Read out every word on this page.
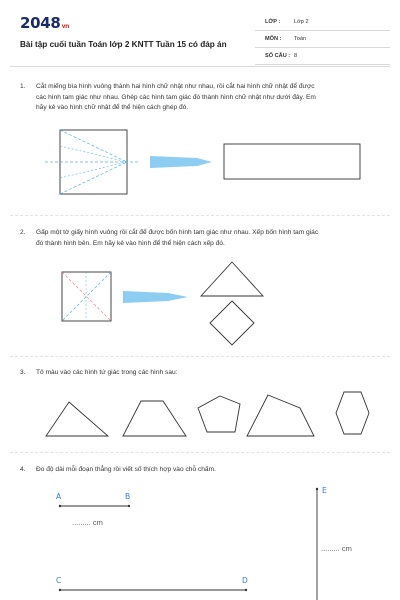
2048vn
Bài tập cuối tuần Toán lớp 2 KNTT Tuần 15 có đáp án
LỚP : Lớp 2
MÔN : Toán
SỐ CÂU : 8
1. Cắt miếng bìa hình vuông thành hai hình chữ nhật như nhau, rồi cắt hai hình chữ nhật để được
các hình tam giác như nhau. Ghép các hình tam giác đó thành hình chữ nhật như dưới đây. Em
hãy kẻ vào hình chữ nhật để thể hiện cách ghép đó.
2. Gấp một tờ giấy hình vuông rồi cắt để được bốn hình tam giác như nhau. Xếp bốn hình tam giác
đó thành hình bên. Em hãy kẻ vào hình để thể hiện cách xếp đó.
3. Tô màu vào các hình tứ giác trong các hình sau:
4. Đo độ dài mỗi đoạn thẳng rồi viết số thích hợp vào chỗ chấm.
A	B
......... cm
C	D
E
......... cm
